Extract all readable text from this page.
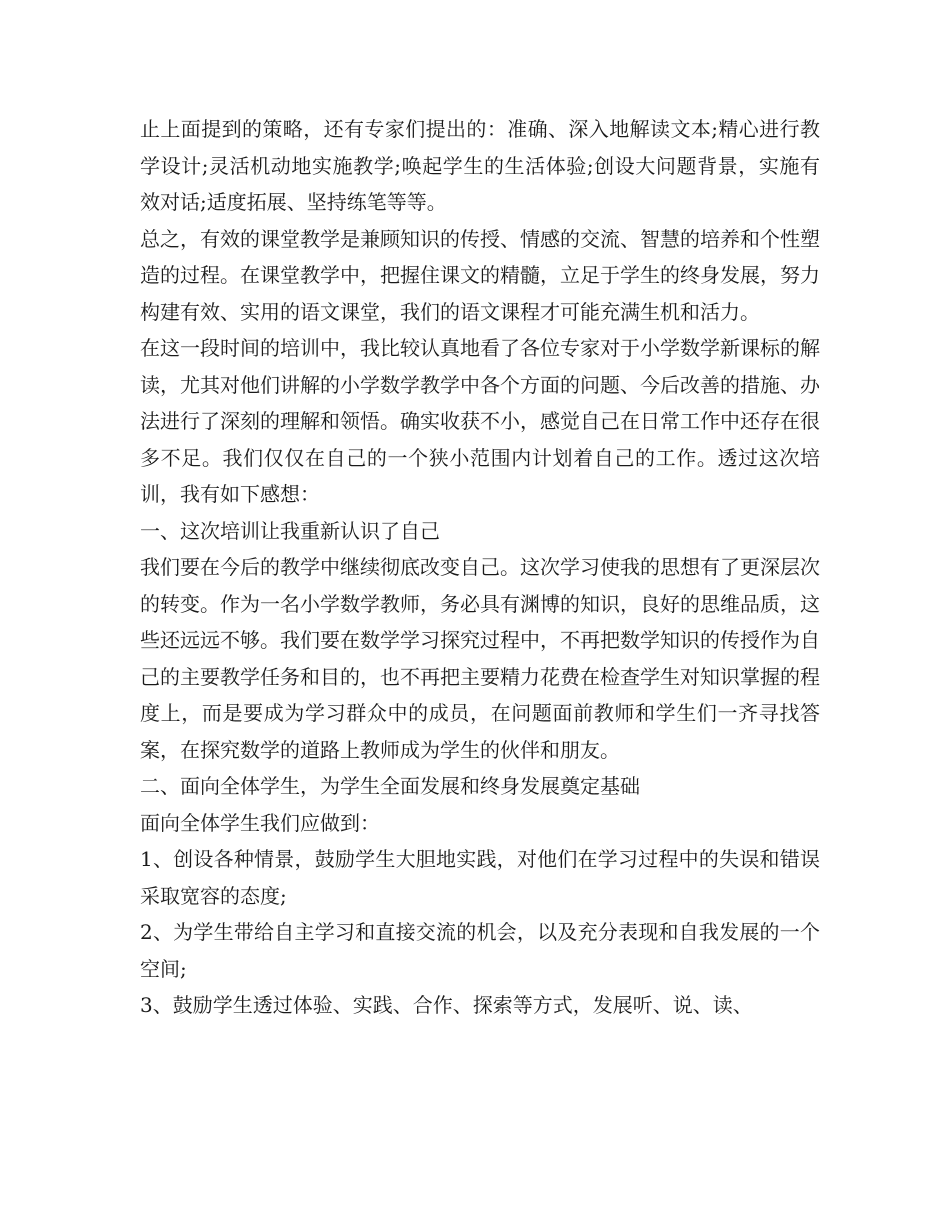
止上面提到的策略，还有专家们提出的：准确、深入地解读文本;精心进行教学设计;灵活机动地实施教学;唤起学生的生活体验;创设大问题背景，实施有效对话;适度拓展、坚持练笔等等。

总之，有效的课堂教学是兼顾知识的传授、情感的交流、智慧的培养和个性塑造的过程。在课堂教学中，把握住课文的精髓，立足于学生的终身发展，努力构建有效、实用的语文课堂，我们的语文课程才可能充满生机和活力。

在这一段时间的培训中，我比较认真地看了各位专家对于小学数学新课标的解读，尤其对他们讲解的小学数学教学中各个方面的问题、今后改善的措施、办法进行了深刻的理解和领悟。确实收获不小，感觉自己在日常工作中还存在很多不足。我们仅仅在自己的一个狭小范围内计划着自己的工作。透过这次培训，我有如下感想：

一、这次培训让我重新认识了自己

我们要在今后的教学中继续彻底改变自己。这次学习使我的思想有了更深层次的转变。作为一名小学数学教师，务必具有渊博的知识，良好的思维品质，这些还远远不够。我们要在数学学习探究过程中，不再把数学知识的传授作为自己的主要教学任务和目的，也不再把主要精力花费在检查学生对知识掌握的程度上，而是要成为学习群众中的成员，在问题面前教师和学生们一齐寻找答案，在探究数学的道路上教师成为学生的伙伴和朋友。

二、面向全体学生，为学生全面发展和终身发展奠定基础

面向全体学生我们应做到：

1、创设各种情景，鼓励学生大胆地实践，对他们在学习过程中的失误和错误采取宽容的态度;

2、为学生带给自主学习和直接交流的机会，以及充分表现和自我发展的一个空间;

3、鼓励学生透过体验、实践、合作、探索等方式，发展听、说、读、
